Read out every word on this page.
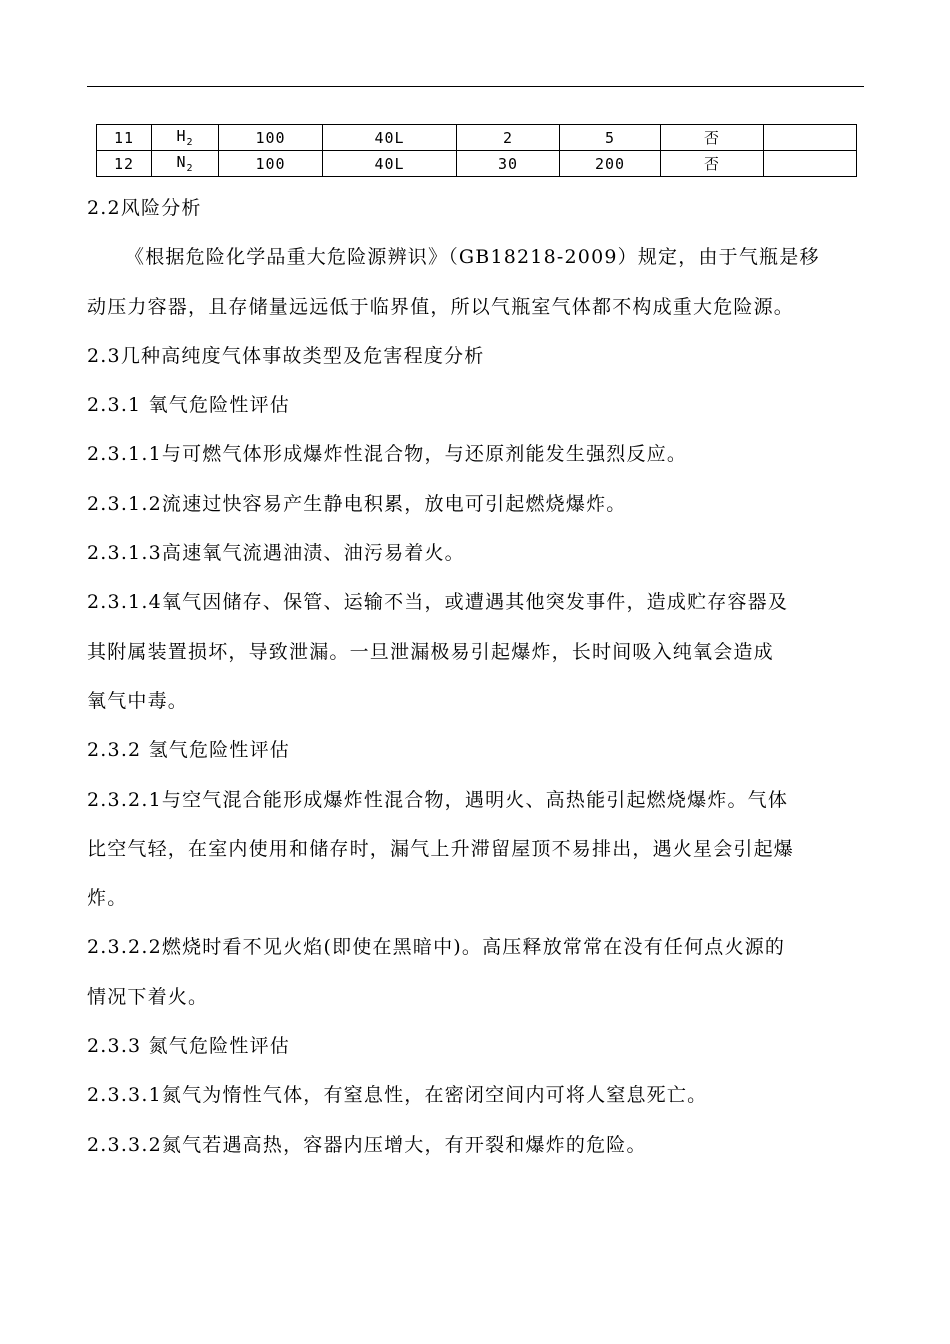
11	$H_2$	100	40L	2	5	否	
12	$N_2$	100	40L	30	200	否	

2.2风险分析

《根据危险化学品重大危险源辨识》（GB18218-2009）规定，由于气瓶是移

动压力容器，且存储量远远低于临界值，所以气瓶室气体都不构成重大危险源。

2.3几种高纯度气体事故类型及危害程度分析

2.3.1 氧气危险性评估

2.3.1.1与可燃气体形成爆炸性混合物，与还原剂能发生强烈反应。

2.3.1.2流速过快容易产生静电积累，放电可引起燃烧爆炸。

2.3.1.3高速氧气流遇油渍、油污易着火。

2.3.1.4氧气因储存、保管、运输不当，或遭遇其他突发事件，造成贮存容器及

其附属装置损坏，导致泄漏。一旦泄漏极易引起爆炸，长时间吸入纯氧会造成

氧气中毒。

2.3.2 氢气危险性评估

2.3.2.1与空气混合能形成爆炸性混合物，遇明火、高热能引起燃烧爆炸。气体

比空气轻，在室内使用和储存时，漏气上升滞留屋顶不易排出，遇火星会引起爆

炸。

2.3.2.2燃烧时看不见火焰(即使在黑暗中)。高压释放常常在没有任何点火源的

情况下着火。

2.3.3 氮气危险性评估

2.3.3.1氮气为惰性气体，有窒息性，在密闭空间内可将人窒息死亡。

2.3.3.2氮气若遇高热，容器内压增大，有开裂和爆炸的危险。
